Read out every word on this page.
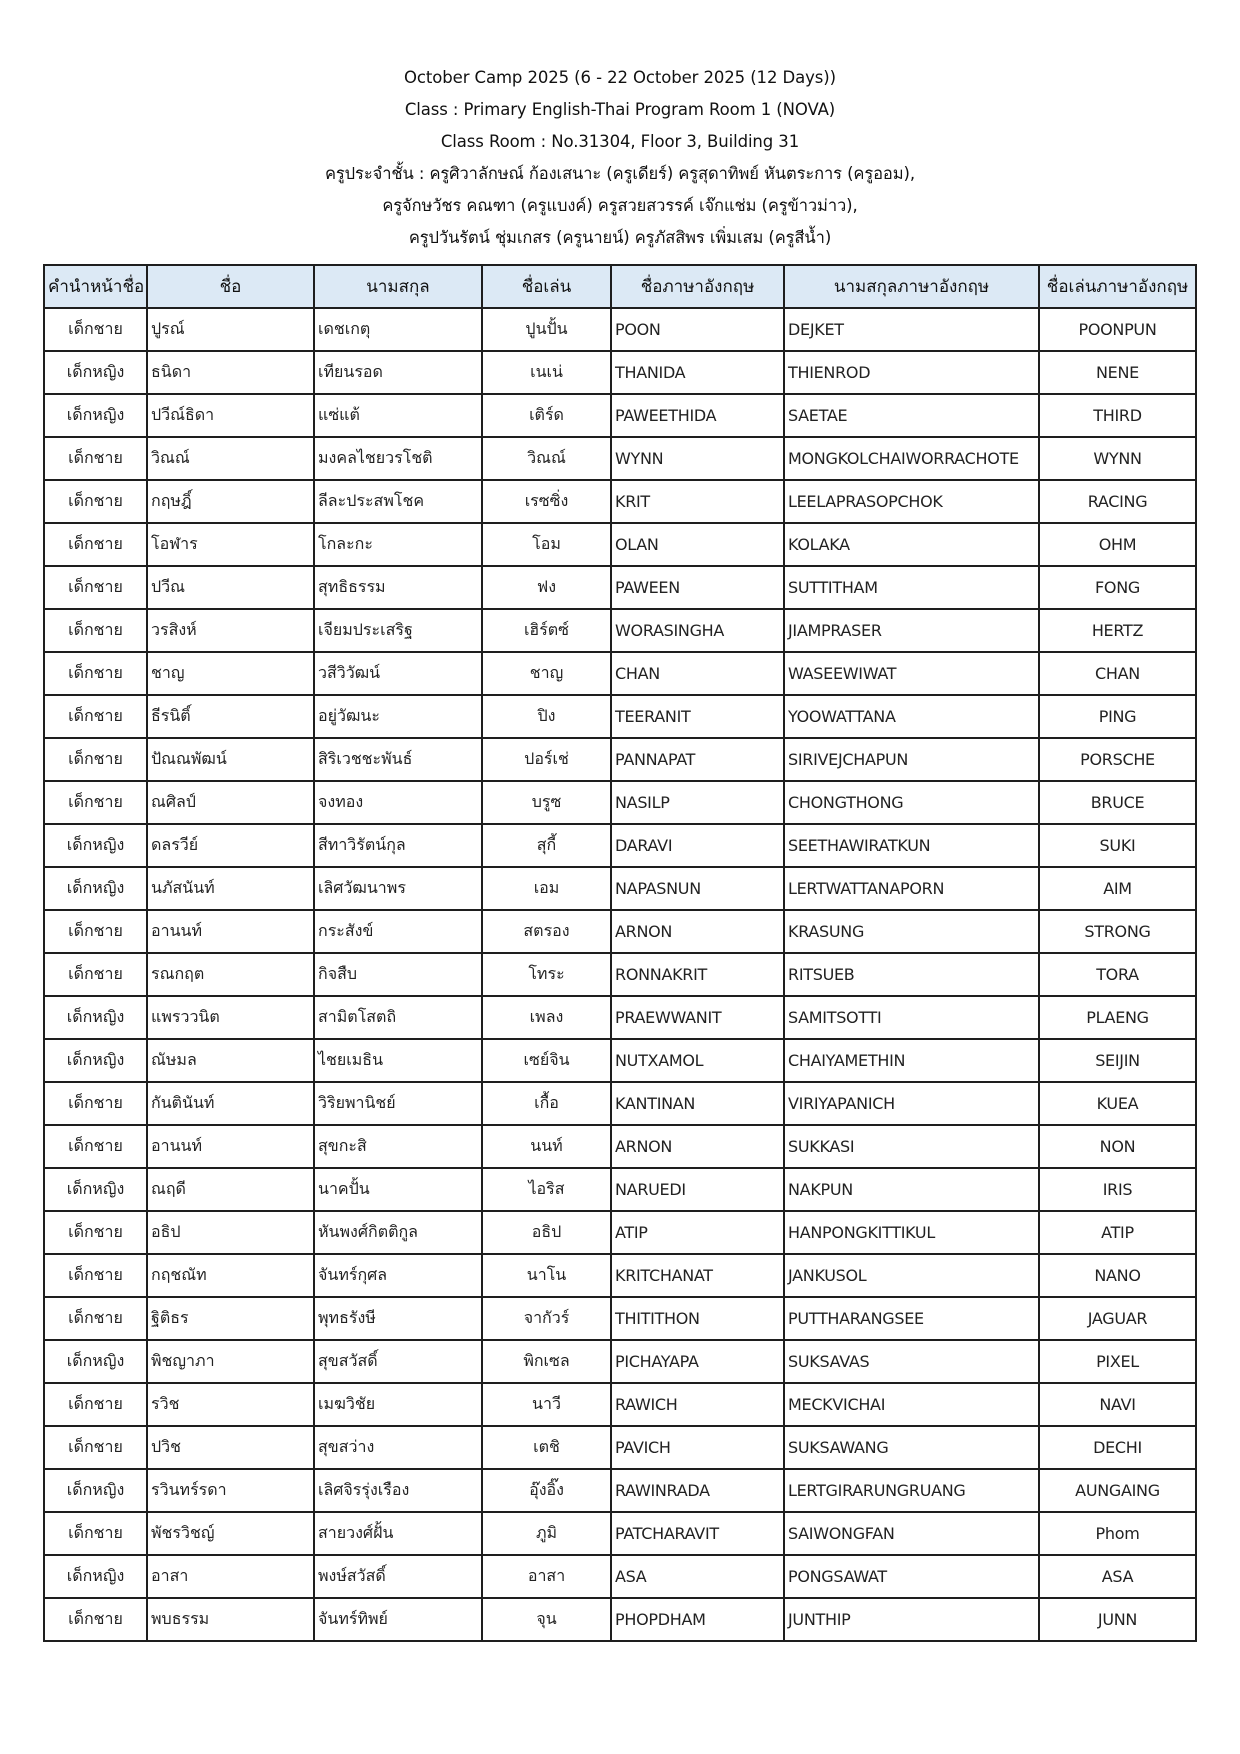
October Camp 2025 (6 - 22 October 2025 (12 Days))
Class : Primary English-Thai Program Room 1 (NOVA)
Class Room : No.31304, Floor 3, Building 31
ครูประจำชั้น : ครูศิวาลักษณ์ ก้องเสนาะ (ครูเดียร์) ครูสุดาทิพย์ หันตระการ (ครูออม),
ครูจักษวัชร คณฑา (ครูแบงค์) ครูสวยสวรรค์ เจ๊กแช่ม (ครูข้าวม่าว),
ครูปวันรัตน์ ชุ่มเกสร (ครูนายน์) ครูภัสสิพร เพิ่มเสม (ครูสีน้ำ)
คำนำหน้าชื่อ	ชื่อ	นามสกุล	ชื่อเล่น	ชื่อภาษาอังกฤษ	นามสกุลภาษาอังกฤษ	ชื่อเล่นภาษาอังกฤษ
เด็กชาย	ปูรณ์	เดชเกตุ	ปูนปั้น	POON	DEJKET	POONPUN
เด็กหญิง	ธนิดา	เทียนรอด	เนเน่	THANIDA	THIENROD	NENE
เด็กหญิง	ปวีณ์ธิดา	แซ่แต้	เติร์ด	PAWEETHIDA	SAETAE	THIRD
เด็กชาย	วิณณ์	มงคลไชยวรโชติ	วิณณ์	WYNN	MONGKOLCHAIWORRACHOTE	WYNN
เด็กชาย	กฤษฎิ์	ลีละประสพโชค	เรซซิ่ง	KRIT	LEELAPRASOPCHOK	RACING
เด็กชาย	โอฬาร	โกละกะ	โอม	OLAN	KOLAKA	OHM
เด็กชาย	ปวีณ	สุทธิธรรม	ฟง	PAWEEN	SUTTITHAM	FONG
เด็กชาย	วรสิงห์	เจียมประเสริฐ	เฮิร์ตซ์	WORASINGHA	JIAMPRASER	HERTZ
เด็กชาย	ชาญ	วสีวิวัฒน์	ชาญ	CHAN	WASEEWIWAT	CHAN
เด็กชาย	ธีรนิติ์	อยู่วัฒนะ	ปิง	TEERANIT	YOOWATTANA	PING
เด็กชาย	ปัณณพัฒน์	สิริเวชชะพันธ์	ปอร์เช่	PANNAPAT	SIRIVEJCHAPUN	PORSCHE
เด็กชาย	ณศิลป์	จงทอง	บรูซ	NASILP	CHONGTHONG	BRUCE
เด็กหญิง	ดลรวีย์	สีทาวิรัตน์กุล	สุกี้	DARAVI	SEETHAWIRATKUN	SUKI
เด็กหญิง	นภัสนันท์	เลิศวัฒนาพร	เอม	NAPASNUN	LERTWATTANAPORN	AIM
เด็กชาย	อานนท์	กระสังข์	สตรอง	ARNON	KRASUNG	STRONG
เด็กชาย	รณกฤต	กิจสืบ	โทระ	RONNAKRIT	RITSUEB	TORA
เด็กหญิง	แพรววนิต	สามิตโสตถิ	เพลง	PRAEWWANIT	SAMITSOTTI	PLAENG
เด็กหญิง	ณัษมล	ไชยเมธิน	เซย์จิน	NUTXAMOL	CHAIYAMETHIN	SEIJIN
เด็กชาย	กันตินันท์	วิริยพานิชย์	เกื้อ	KANTINAN	VIRIYAPANICH	KUEA
เด็กชาย	อานนท์	สุขกะสิ	นนท์	ARNON	SUKKASI	NON
เด็กหญิง	ณฤดี	นาคปั้น	ไอริส	NARUEDI	NAKPUN	IRIS
เด็กชาย	อธิป	หันพงศ์กิตติกูล	อธิป	ATIP	HANPONGKITTIKUL	ATIP
เด็กชาย	กฤชณัท	จันทร์กุศล	นาโน	KRITCHANAT	JANKUSOL	NANO
เด็กชาย	ฐิติธร	พุทธรังษี	จากัวร์	THITITHON	PUTTHARANGSEE	JAGUAR
เด็กหญิง	พิชญาภา	สุขสวัสดิ์	พิกเซล	PICHAYAPA	SUKSAVAS	PIXEL
เด็กชาย	รวิช	เมฆวิชัย	นาวี	RAWICH	MECKVICHAI	NAVI
เด็กชาย	ปวิช	สุขสว่าง	เตชิ	PAVICH	SUKSAWANG	DECHI
เด็กหญิง	รวินทร์รดา	เลิศจิรรุ่งเรือง	อุ๊งอิ๊ง	RAWINRADA	LERTGIRARUNGRUANG	AUNGAING
เด็กชาย	พัชรวิชญ์	สายวงศ์ฝั้น	ภูมิ	PATCHARAVIT	SAIWONGFAN	Phom
เด็กหญิง	อาสา	พงษ์สวัสดิ์	อาสา	ASA	PONGSAWAT	ASA
เด็กชาย	พบธรรม	จันทร์ทิพย์	จุน	PHOPDHAM	JUNTHIP	JUNN
